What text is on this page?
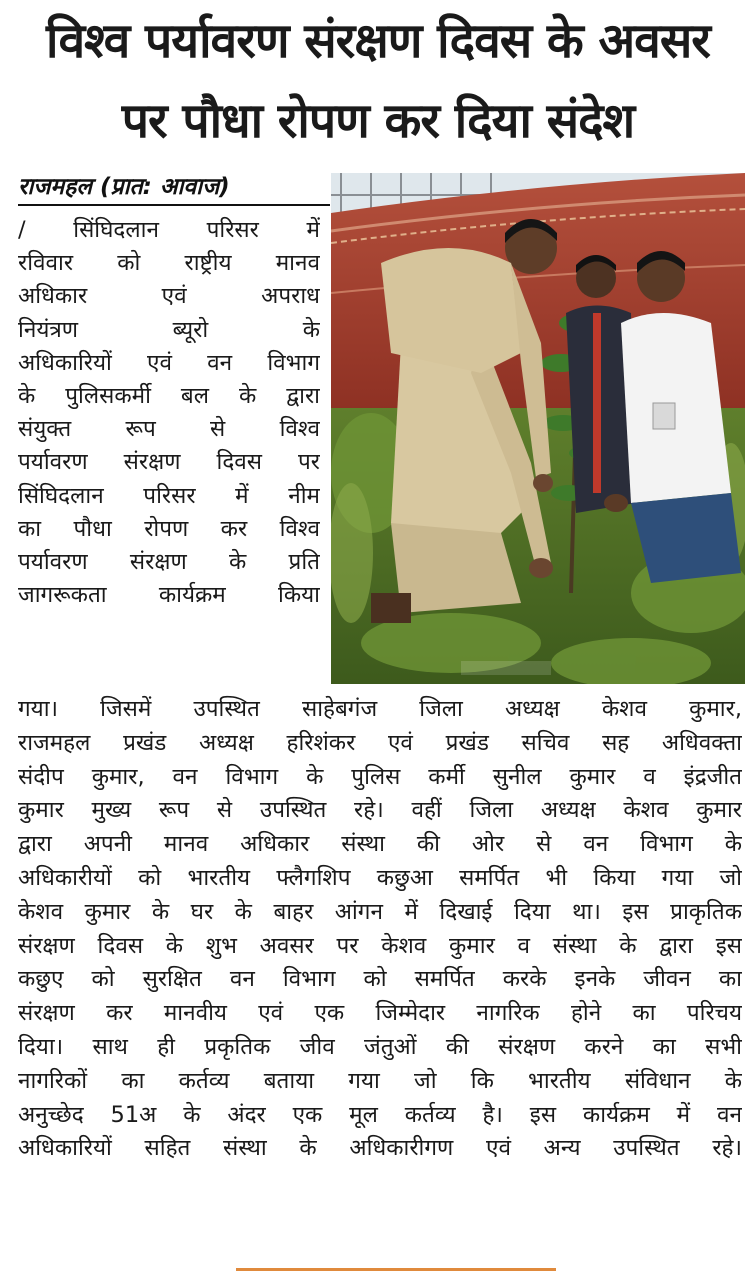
विश्व पर्यावरण संरक्षण दिवस के अवसर
पर पौधा रोपण कर दिया संदेश
राजमहल (प्रात: आवाज)
/ सिंघिदलान परिसर में
रविवार को राष्ट्रीय मानव
अधिकार एवं अपराध
नियंत्रण ब्यूरो के
अधिकारियों एवं वन विभाग
के पुलिसकर्मी बल के द्वारा
संयुक्त रूप से विश्व
पर्यावरण संरक्षण दिवस पर
सिंघिदलान परिसर में नीम
का पौधा रोपण कर विश्व
पर्यावरण संरक्षण के प्रति
जागरूकता कार्यक्रम किया
गया। जिसमें उपस्थित साहेबगंज जिला अध्यक्ष केशव कुमार,
राजमहल प्रखंड अध्यक्ष हरिशंकर एवं प्रखंड सचिव सह अधिवक्ता
संदीप कुमार, वन विभाग के पुलिस कर्मी सुनील कुमार व इंद्रजीत
कुमार मुख्य रूप से उपस्थित रहे। वहीं जिला अध्यक्ष केशव कुमार
द्वारा अपनी मानव अधिकार संस्था की ओर से वन विभाग के
अधिकारीयों को भारतीय फ्लैगशिप कछुआ समर्पित भी किया गया जो
केशव कुमार के घर के बाहर आंगन में दिखाई दिया था। इस प्राकृतिक
संरक्षण दिवस के शुभ अवसर पर केशव कुमार व संस्था के द्वारा इस
कछुए को सुरक्षित वन विभाग को समर्पित करके इनके जीवन का
संरक्षण कर मानवीय एवं एक जिम्मेदार नागरिक होने का परिचय
दिया। साथ ही प्रकृतिक जीव जंतुओं की संरक्षण करने का सभी
नागरिकों का कर्तव्य बताया गया जो कि भारतीय संविधान के
अनुच्छेद 51अ के अंदर एक मूल कर्तव्य है। इस कार्यक्रम में वन
अधिकारियों सहित संस्था के अधिकारीगण एवं अन्य उपस्थित रहे।
